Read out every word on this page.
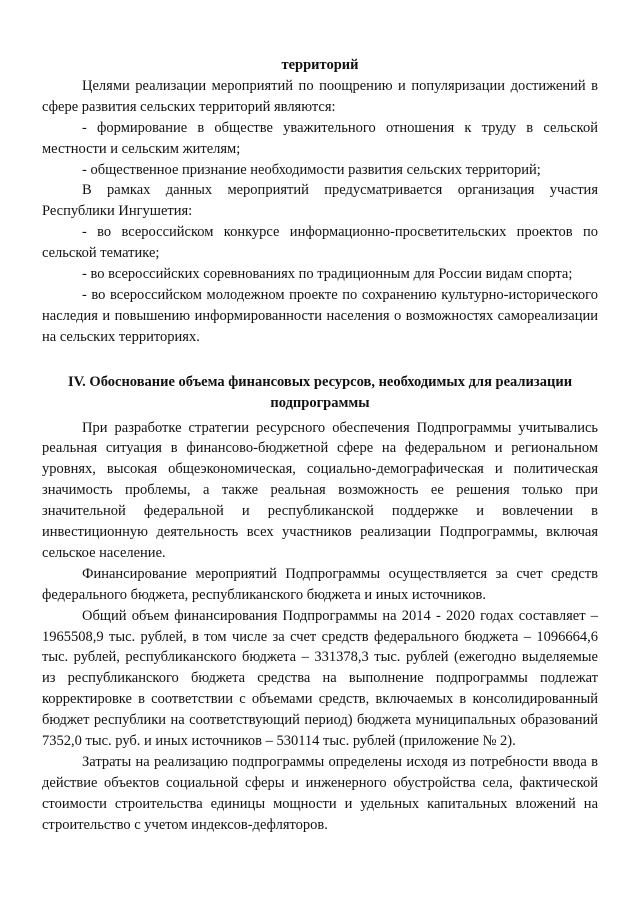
территорий

Целями реализации мероприятий по поощрению и популяризации достижений в сфере развития сельских территорий являются:

- формирование в обществе уважительного отношения к труду в сельской местности и сельским жителям;

- общественное признание необходимости развития сельских территорий;

В рамках данных мероприятий предусматривается организация участия Республики Ингушетия:

- во всероссийском конкурсе информационно-просветительских проектов по сельской тематике;

- во всероссийских соревнованиях по традиционным для России видам спорта;

- во всероссийском молодежном проекте по сохранению культурно-исторического наследия и повышению информированности населения о возможностях самореализации на сельских территориях.

IV. Обоснование объема финансовых ресурсов, необходимых для реализации подпрограммы

При разработке стратегии ресурсного обеспечения Подпрограммы учитывались реальная ситуация в финансово-бюджетной сфере на федеральном и региональном уровнях, высокая общеэкономическая, социально-демографическая и политическая значимость проблемы, а также реальная возможность ее решения только при значительной федеральной и республиканской поддержке и вовлечении в инвестиционную деятельность всех участников реализации Подпрограммы, включая сельское население.

Финансирование мероприятий Подпрограммы осуществляется за счет средств федерального бюджета, республиканского бюджета и иных источников.

Общий объем финансирования Подпрограммы на 2014 - 2020 годах составляет – 1965508,9 тыс. рублей, в том числе за счет средств федерального бюджета – 1096664,6 тыс. рублей, республиканского бюджета – 331378,3 тыс. рублей (ежегодно выделяемые из республиканского бюджета средства на выполнение подпрограммы подлежат корректировке в соответствии с объемами средств, включаемых в консолидированный бюджет республики на соответствующий период) бюджета муниципальных образований 7352,0 тыс. руб. и иных источников – 530114 тыс. рублей (приложение № 2).

Затраты на реализацию подпрограммы определены исходя из потребности ввода в действие объектов социальной сферы и инженерного обустройства села, фактической стоимости строительства единицы мощности и удельных капитальных вложений на строительство с учетом индексов-дефляторов.
